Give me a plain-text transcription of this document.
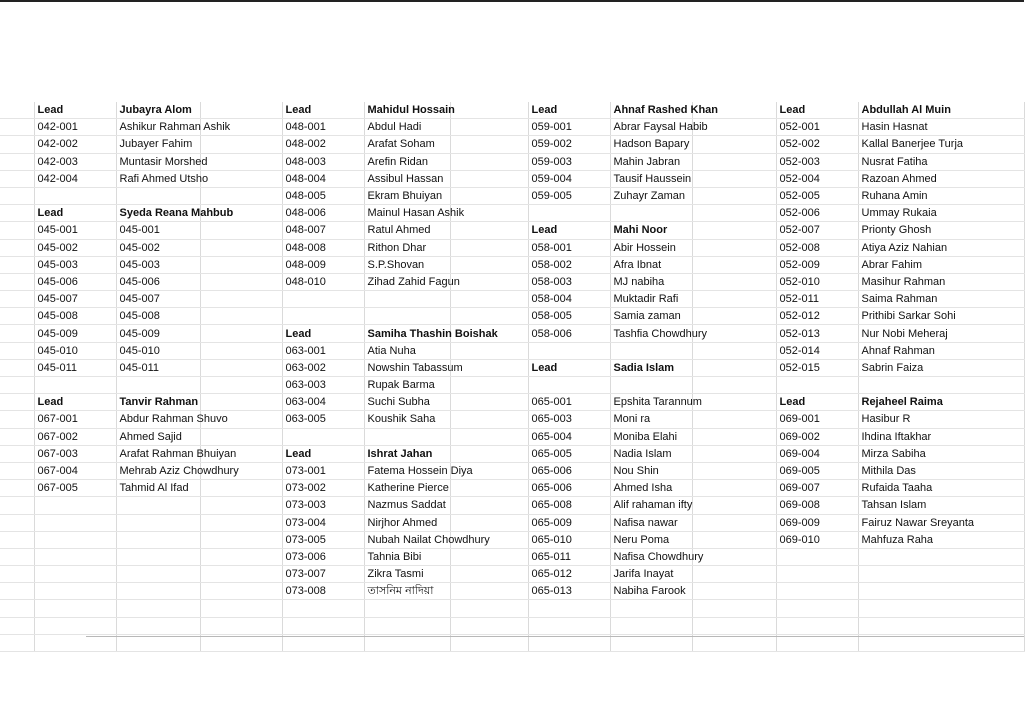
	Lead	Jubayra Alom		Lead	Mahidul Hossain		Lead	Ahnaf Rashed Khan		Lead	Abdullah Al Muin
	042-001	Ashikur Rahman Ashik		048-001	Abdul Hadi		059-001	Abrar Faysal Habib		052-001	Hasin Hasnat
	042-002	Jubayer Fahim		048-002	Arafat Soham		059-002	Hadson Bapary		052-002	Kallal Banerjee Turja
	042-003	Muntasir Morshed		048-003	Arefin Ridan		059-003	Mahin Jabran		052-003	Nusrat Fatiha
	042-004	Rafi Ahmed Utsho		048-004	Assibul Hassan		059-004	Tausif Haussein		052-004	Razoan Ahmed
				048-005	Ekram Bhuiyan		059-005	Zuhayr Zaman		052-005	Ruhana Amin
	Lead	Syeda Reana Mahbub		048-006	Mainul Hasan Ashik					052-006	Ummay Rukaia
	045-001	045-001		048-007	Ratul Ahmed		Lead	Mahi Noor		052-007	Prionty Ghosh
	045-002	045-002		048-008	Rithon Dhar		058-001	Abir Hossein		052-008	Atiya Aziz Nahian
	045-003	045-003		048-009	S.P.Shovan		058-002	Afra Ibnat		052-009	Abrar Fahim
	045-006	045-006		048-010	Zihad Zahid Fagun		058-003	MJ nabiha		052-010	Masihur Rahman
	045-007	045-007					058-004	Muktadir Rafi		052-011	Saima Rahman
	045-008	045-008					058-005	Samia zaman		052-012	Prithibi Sarkar Sohi
	045-009	045-009		Lead	Samiha Thashin Boishak		058-006	Tashfia Chowdhury		052-013	Nur Nobi Meheraj
	045-010	045-010		063-001	Atia Nuha					052-014	Ahnaf Rahman
	045-011	045-011		063-002	Nowshin Tabassum		Lead	Sadia Islam		052-015	Sabrin Faiza
				063-003	Rupak Barma						
	Lead	Tanvir Rahman		063-004	Suchi Subha		065-001	Epshita Tarannum		Lead	Rejaheel Raima
	067-001	Abdur Rahman Shuvo		063-005	Koushik Saha		065-003	Moni ra		069-001	Hasibur R
	067-002	Ahmed Sajid					065-004	Moniba Elahi		069-002	Ihdina Iftakhar
	067-003	Arafat Rahman Bhuiyan		Lead	Ishrat Jahan		065-005	Nadia Islam		069-004	Mirza Sabiha
	067-004	Mehrab Aziz Chowdhury		073-001	Fatema Hossein Diya		065-006	Nou Shin		069-005	Mithila Das
	067-005	Tahmid Al Ifad		073-002	Katherine Pierce		065-006	Ahmed Isha		069-007	Rufaida Taaha
				073-003	Nazmus Saddat		065-008	Alif rahaman ifty		069-008	Tahsan Islam
				073-004	Nirjhor Ahmed		065-009	Nafisa nawar		069-009	Fairuz Nawar Sreyanta
				073-005	Nubah Nailat Chowdhury		065-010	Neru Poma		069-010	Mahfuza Raha
				073-006	Tahnia Bibi		065-011	Nafisa Chowdhury			
				073-007	Zikra Tasmi		065-012	Jarifa Inayat			
				073-008	তাসনিম নাদিয়া		065-013	Nabiha Farook			
